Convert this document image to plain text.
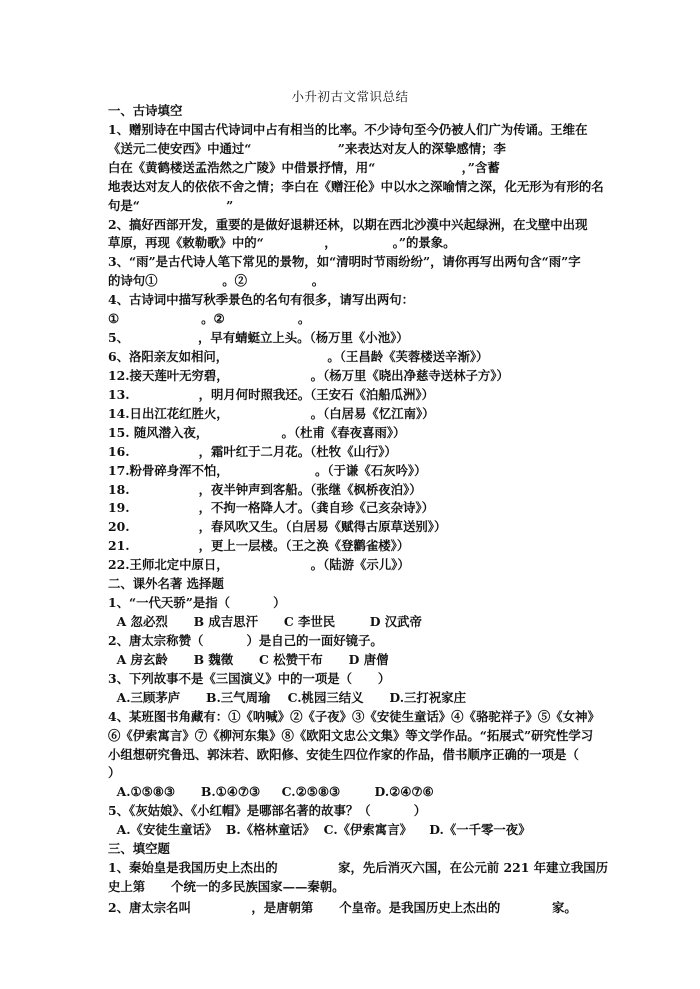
小升初古文常识总结
一、古诗填空
1、赠别诗在中国古代诗词中占有相当的比率。不少诗句至今仍被人们广为传诵。王维在
《送元二使安西》中通过“                    ”来表达对友人的深挚感情；李
白在《黄鹤楼送孟浩然之广陵》中借景抒情，用“                    ，”含蓄
地表达对友人的依依不舍之情；李白在《赠汪伦》中以水之深喻情之深，化无形为有形的名
句是“                    ”
2、搞好西部开发，重要的是做好退耕还林，以期在西北沙漠中兴起绿洲，在戈壁中出现
草原，再现《敕勒歌》中的“              ，             。”的景象。
3、“雨”是古代诗人笔下常见的景物，如“清明时节雨纷纷”，请你再写出两句含“雨”字
的诗句①               。②               。
4、古诗词中描写秋季景色的名句有很多，请写出两句：
①                   。②                 。
5、                ，早有蜻蜓立上头。（杨万里《小池》）
6、洛阳亲友如相问，                       。（王昌龄《芙蓉楼送辛渐》）
12.接天莲叶无穷碧，                   。（杨万里《晓出净慈寺送林子方》）
13.                ，明月何时照我还。（王安石《泊船瓜洲》）
14.日出江花红胜火，                   。（白居易《忆江南》）
15. 随风潜入夜，                 。（杜甫《春夜喜雨》）
16.                ，霜叶红于二月花。（杜牧《山行》）
17.粉骨碎身浑不怕，                    。（于谦《石灰吟》）
18.                ，夜半钟声到客船。（张继《枫桥夜泊》）
19.                ，不拘一格降人才。（龚自珍《己亥杂诗》）
20.                ，春风吹又生。（白居易《赋得古原草送别》）
21.                ，更上一层楼。（王之涣《登鹳雀楼》）
22.王师北定中原日，                   。（陆游《示儿》）
二、课外名著 选择题
1、“一代天骄”是指（          ）
A 忽必烈      B 成吉思汗      C 李世民        D 汉武帝
2、唐太宗称赞（          ）是自己的一面好镜子。
A 房玄龄      B 魏徵      C 松赞干布      D 唐僧
3、下列故事不是《三国演义》中的一项是（      ）
A.三顾茅庐      B.三气周瑜    C.桃园三结义      D.三打祝家庄
4、某班图书角藏有：①《呐喊》②《子夜》③《安徒生童话》④《骆驼祥子》⑤《女神》
⑥《伊索寓言》⑦《柳河东集》⑧《欧阳文忠公文集》等文学作品。“拓展式”研究性学习
小组想研究鲁迅、郭沫若、欧阳修、安徒生四位作家的作品，借书顺序正确的一项是（
）
A.①⑤⑧③      B.①④⑦③     C.②⑤⑧③        D.②④⑦⑥
5、《灰姑娘》、《小红帽》是哪部名著的故事？（          ）
A.《安徒生童话》  B.《格林童话》  C.《伊索寓言》    D.《一千零一夜》
三、填空题
1、秦始皇是我国历史上杰出的              家，先后消灭六国，在公元前 221 年建立我国历
史上第      个统一的多民族国家——秦朝。
2、唐太宗名叫              ，是唐朝第      个皇帝。是我国历史上杰出的            家。
